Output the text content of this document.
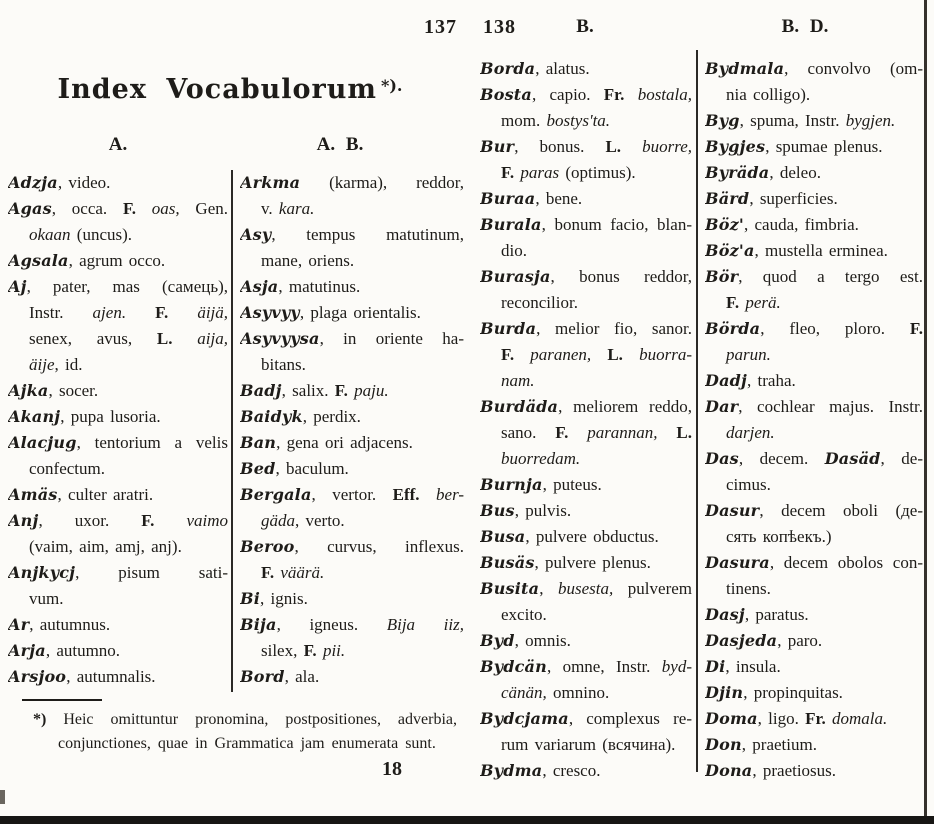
137 138	B.	B. D.
Index Vocabulorum *).
A.	A. B.
Adzja, video.
Agas, occa. F. oas, Gen.
okaan (uncus).
Agsala, agrum occo.
Aj, pater, mas (самець),
Instr. ajen. F. äijä,
senex, avus, L. aija,
äije, id.
Ajka, socer.
Akanj, pupa lusoria.
Alacjug, tentorium a velis
confectum.
Amäs, culter aratri.
Anj, uxor. F. vaimo
(vaim, aim, amj, anj).
Anjkycj, pisum sati-
vum.
Ar, autumnus.
Arja, autumno.
Arsjoo, autumnalis.
Arkma (karma), reddor,
v. kara.
Asy, tempus matutinum,
mane, oriens.
Asja, matutinus.
Asyvyy, plaga orientalis.
Asyvyysa, in oriente ha-
bitans.
Badj, salix. F. paju.
Baidyk, perdix.
Ban, gena ori adjacens.
Bed, baculum.
Bergala, vertor. Eff. ber-
gäda, verto.
Beroo, curvus, inflexus.
F. väärä.
Bi, ignis.
Bija, igneus. Bija iiz,
silex, F. pii.
Bord, ala.
Borda, alatus.
Bosta, capio. Fr. bostala,
mom. bostys'ta.
Bur, bonus. L. buorre,
F. paras (optimus).
Buraa, bene.
Burala, bonum facio, blan-
dio.
Burasja, bonus reddor,
reconcilior.
Burda, melior fio, sanor.
F. paranen, L. buorra-
nam.
Burdäda, meliorem reddo,
sano. F. parannan, L.
buorredam.
Burnja, puteus.
Bus, pulvis.
Busa, pulvere obductus.
Busäs, pulvere plenus.
Busita, busesta, pulverem
excito.
Byd, omnis.
Bydcän, omne, Instr. byd-
cänän, omnino.
Bydcjama, complexus re-
rum variarum (всячина).
Bydma, cresco.
Bydmala, convolvo (om-
nia colligo).
Byg, spuma, Instr. bygjen.
Bygjes, spumae plenus.
Byräda, deleo.
Bärd, superficies.
Böz', cauda, fimbria.
Böz'a, mustella erminea.
Bör, quod a tergo est.
F. perä.
Börda, fleo, ploro. F.
parun.
Dadj, traha.
Dar, cochlear majus. Instr.
darjen.
Das, decem. Dasäd, de-
cimus.
Dasur, decem oboli (де-
сять копѣекъ.)
Dasura, decem obolos con-
tinens.
Dasj, paratus.
Dasjeda, paro.
Di, insula.
Djin, propinquitas.
Doma, ligo. Fr. domala.
Don, praetium.
Dona, praetiosus.
*) Heic omittuntur pronomina, postpositiones, adverbia,
conjunctiones, quae in Grammatica jam enumerata sunt.
18
